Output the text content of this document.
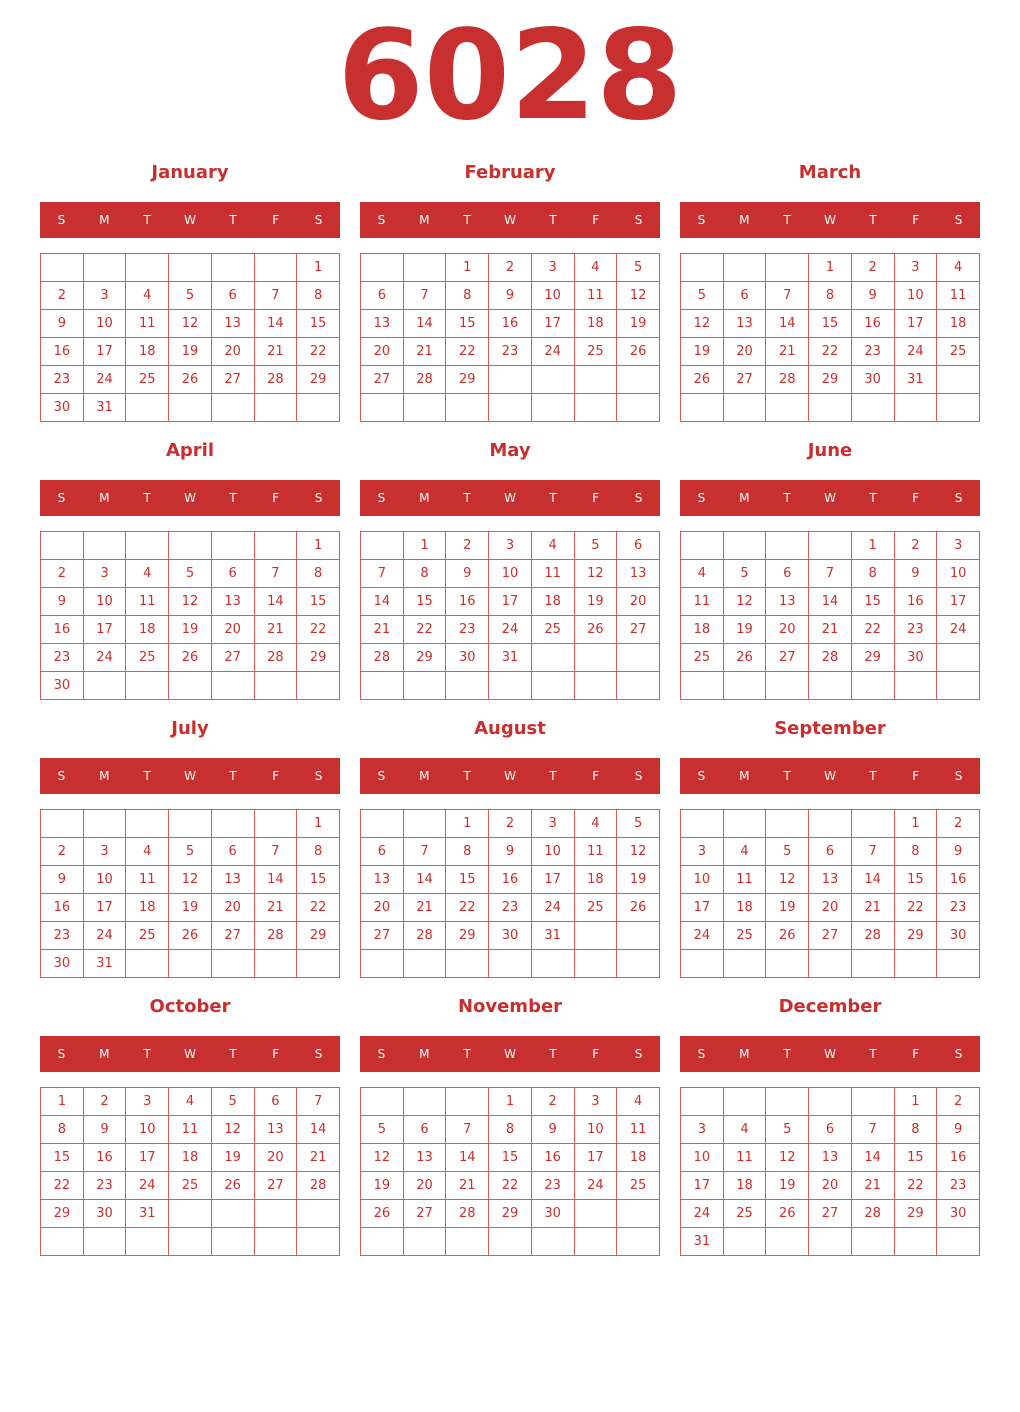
6028
January
S	M	T	W	T	F	S
						1
2	3	4	5	6	7	8
9	10	11	12	13	14	15
16	17	18	19	20	21	22
23	24	25	26	27	28	29
30	31					
February
S	M	T	W	T	F	S
		1	2	3	4	5
6	7	8	9	10	11	12
13	14	15	16	17	18	19
20	21	22	23	24	25	26
27	28	29				

March
S	M	T	W	T	F	S
			1	2	3	4
5	6	7	8	9	10	11
12	13	14	15	16	17	18
19	20	21	22	23	24	25
26	27	28	29	30	31	

April
S	M	T	W	T	F	S
						1
2	3	4	5	6	7	8
9	10	11	12	13	14	15
16	17	18	19	20	21	22
23	24	25	26	27	28	29
30						
May
S	M	T	W	T	F	S
	1	2	3	4	5	6
7	8	9	10	11	12	13
14	15	16	17	18	19	20
21	22	23	24	25	26	27
28	29	30	31			

June
S	M	T	W	T	F	S
				1	2	3
4	5	6	7	8	9	10
11	12	13	14	15	16	17
18	19	20	21	22	23	24
25	26	27	28	29	30	

July
S	M	T	W	T	F	S
						1
2	3	4	5	6	7	8
9	10	11	12	13	14	15
16	17	18	19	20	21	22
23	24	25	26	27	28	29
30	31					
August
S	M	T	W	T	F	S
		1	2	3	4	5
6	7	8	9	10	11	12
13	14	15	16	17	18	19
20	21	22	23	24	25	26
27	28	29	30	31		

September
S	M	T	W	T	F	S
					1	2
3	4	5	6	7	8	9
10	11	12	13	14	15	16
17	18	19	20	21	22	23
24	25	26	27	28	29	30

October
S	M	T	W	T	F	S
1	2	3	4	5	6	7
8	9	10	11	12	13	14
15	16	17	18	19	20	21
22	23	24	25	26	27	28
29	30	31				

November
S	M	T	W	T	F	S
			1	2	3	4
5	6	7	8	9	10	11
12	13	14	15	16	17	18
19	20	21	22	23	24	25
26	27	28	29	30		

December
S	M	T	W	T	F	S
					1	2
3	4	5	6	7	8	9
10	11	12	13	14	15	16
17	18	19	20	21	22	23
24	25	26	27	28	29	30
31						
